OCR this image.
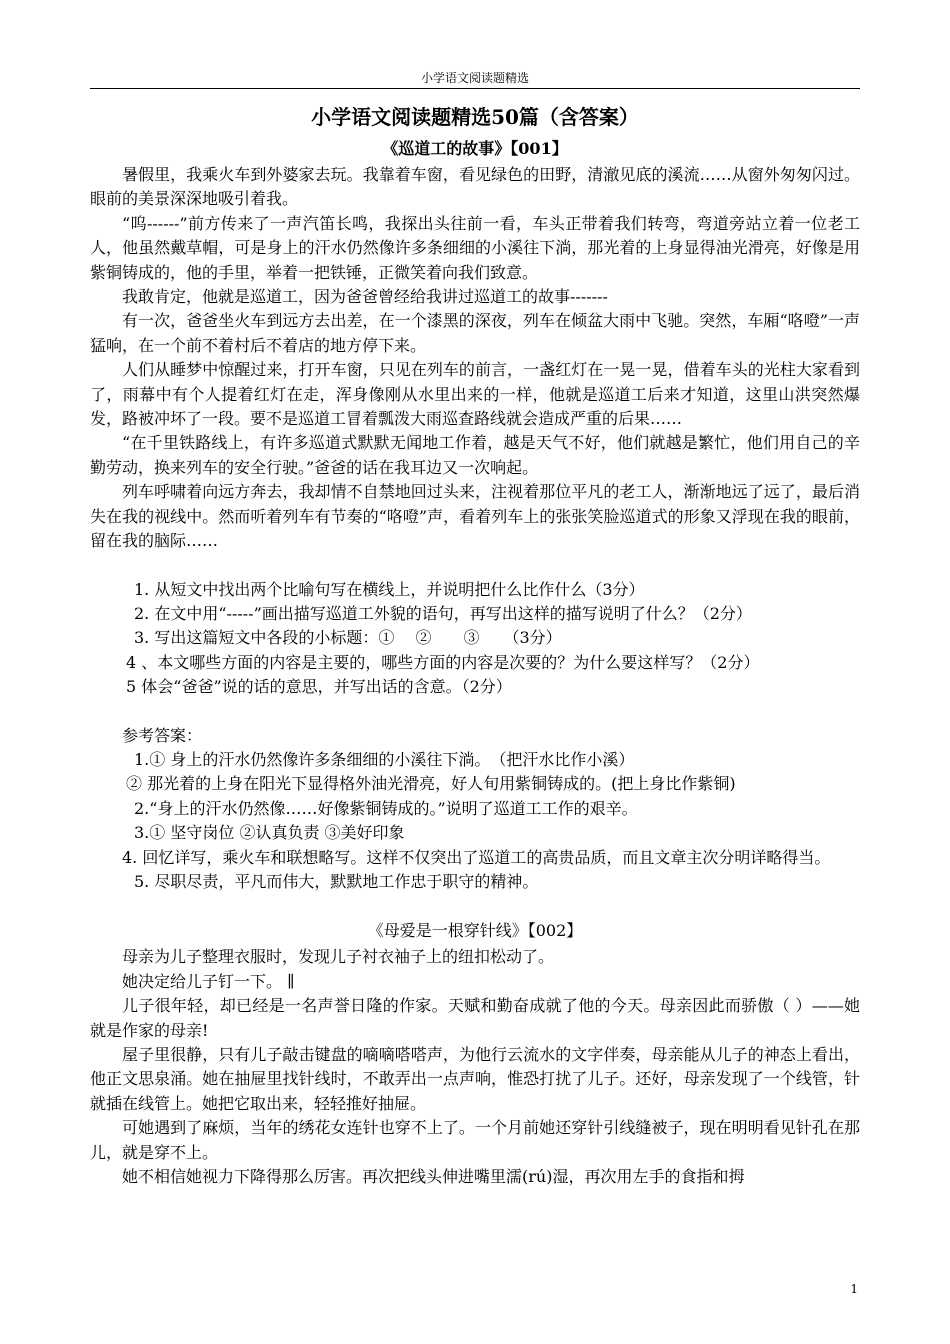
小学语文阅读题精选
小学语文阅读题精选50篇（含答案）
《巡道工的故事》【001】

暑假里，我乘火车到外婆家去玩。我靠着车窗，看见绿色的田野，清澈见底的溪流……从窗外匆匆闪过。眼前的美景深深地吸引着我。

“呜------”前方传来了一声汽笛长鸣，我探出头往前一看，车头正带着我们转弯，弯道旁站立着一位老工人，他虽然戴草帽，可是身上的汗水仍然像许多条细细的小溪往下淌，那光着的上身显得油光滑亮，好像是用紫铜铸成的，他的手里，举着一把铁锤，正微笑着向我们致意。

我敢肯定，他就是巡道工，因为爸爸曾经给我讲过巡道工的故事-------

有一次，爸爸坐火车到远方去出差，在一个漆黑的深夜，列车在倾盆大雨中飞驰。突然，车厢“咯噔”一声猛响，在一个前不着村后不着店的地方停下来。

人们从睡梦中惊醒过来，打开车窗，只见在列车的前言，一盏红灯在一晃一晃，借着车头的光柱大家看到了，雨幕中有个人提着红灯在走，浑身像刚从水里出来的一样，他就是巡道工后来才知道，这里山洪突然爆发，路被冲坏了一段。要不是巡道工冒着瓢泼大雨巡查路线就会造成严重的后果……

“在千里铁路线上，有许多巡道式默默无闻地工作着，越是天气不好，他们就越是繁忙，他们用自己的辛勤劳动，换来列车的安全行驶。”爸爸的话在我耳边又一次响起。

列车呼啸着向远方奔去，我却情不自禁地回过头来，注视着那位平凡的老工人，渐渐地远了远了，最后消失在我的视线中。然而听着列车有节奏的“咯噔”声，看着列车上的张张笑脸巡道式的形象又浮现在我的眼前，留在我的脑际……

1. 从短文中找出两个比喻句写在横线上，并说明把什么比作什么（3分）

2. 在文中用“-----”画出描写巡道工外貌的语句，再写出这样的描写说明了什么？（2分）

3. 写出这篇短文中各段的小标题：①　 ②　　③　　（3分）

4 、本文哪些方面的内容是主要的，哪些方面的内容是次要的？为什么要这样写？（2分）

5 体会“爸爸”说的话的意思，并写出话的含意。（2分）

参考答案：

1.① 身上的汗水仍然像许多条细细的小溪往下淌。　（把汗水比作小溪）

② 那光着的上身在阳光下显得格外油光滑亮，好人旬用紫铜铸成的。(把上身比作紫铜)

2.“身上的汗水仍然像……好像紫铜铸成的。”说明了巡道工工作的艰辛。

3.① 坚守岗位 ②认真负责 ③美好印象

4. 回忆详写，乘火车和联想略写。这样不仅突出了巡道工的高贵品质，而且文章主次分明详略得当。

5. 尽职尽责，平凡而伟大，默默地工作忠于职守的精神。

《母爱是一根穿针线》【002】

母亲为儿子整理衣服时，发现儿子衬衣袖子上的纽扣松动了。

她决定给儿子钉一下。 ∥

儿子很年轻，却已经是一名声誉日隆的作家。天赋和勤奋成就了他的今天。母亲因此而骄傲（ ）——她就是作家的母亲!

屋子里很静，只有儿子敲击键盘的嘀嘀嗒嗒声，为他行云流水的文字伴奏，母亲能从儿子的神态上看出，他正文思泉涌。她在抽屉里找针线时，不敢弄出一点声响，惟恐打扰了儿子。还好，母亲发现了一个线管，针就插在线管上。她把它取出来，轻轻推好抽屉。

可她遇到了麻烦，当年的绣花女连针也穿不上了。一个月前她还穿针引线缝被子，现在明明看见针孔在那儿，就是穿不上。

她不相信她视力下降得那么厉害。再次把线头伸进嘴里濡(rú)湿，再次用左手的食指和拇

1
